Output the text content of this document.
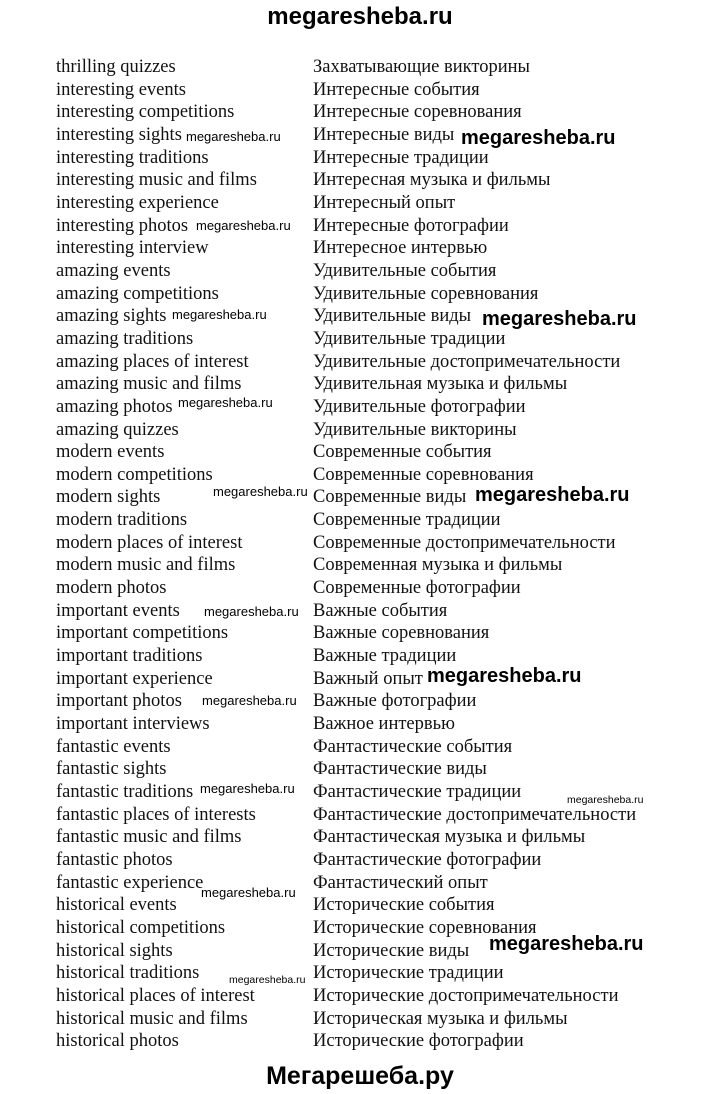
megaresheba.ru
thrilling quizzes	Захватывающие викторины
interesting events	Интересные события
interesting competitions	Интересные соревнования
interesting sights	Интересные виды
interesting traditions	Интересные традиции
interesting music and films	Интересная музыка и фильмы
interesting experience	Интересный опыт
interesting photos	Интересные фотографии
interesting interview	Интересное интервью
amazing events	Удивительные события
amazing competitions	Удивительные соревнования
amazing sights	Удивительные виды
amazing traditions	Удивительные традиции
amazing places of interest	Удивительные достопримечательности
amazing music and films	Удивительная музыка и фильмы
amazing photos	Удивительные фотографии
amazing quizzes	Удивительные викторины
modern events	Современные события
modern competitions	Современные соревнования
modern sights	Современные виды
modern traditions	Современные традиции
modern places of interest	Современные достопримечательности
modern music and films	Современная музыка и фильмы
modern photos	Современные фотографии
important events	Важные события
important competitions	Важные соревнования
important traditions	Важные традиции
important experience	Важный опыт
important photos	Важные фотографии
important interviews	Важное интервью
fantastic events	Фантастические события
fantastic sights	Фантастические виды
fantastic traditions	Фантастические традиции
fantastic places of interests	Фантастические достопримечательности
fantastic music and films	Фантастическая музыка и фильмы
fantastic photos	Фантастические фотографии
fantastic experience	Фантастический опыт
historical events	Исторические события
historical competitions	Исторические соревнования
historical sights	Исторические виды
historical traditions	Исторические традиции
historical places of interest	Исторические достопримечательности
historical music and films	Историческая музыка и фильмы
historical photos	Исторические фотографии
megaresheba.ru	megaresheba.ru
megaresheba.ru
megaresheba.ru	megaresheba.ru
megaresheba.ru
megaresheba.ru	megaresheba.ru
megaresheba.ru
megaresheba.ru
megaresheba.ru
megaresheba.ru
megaresheba.ru
megaresheba.ru
megaresheba.ru
megaresheba.ru
Мегарешеба.ру
